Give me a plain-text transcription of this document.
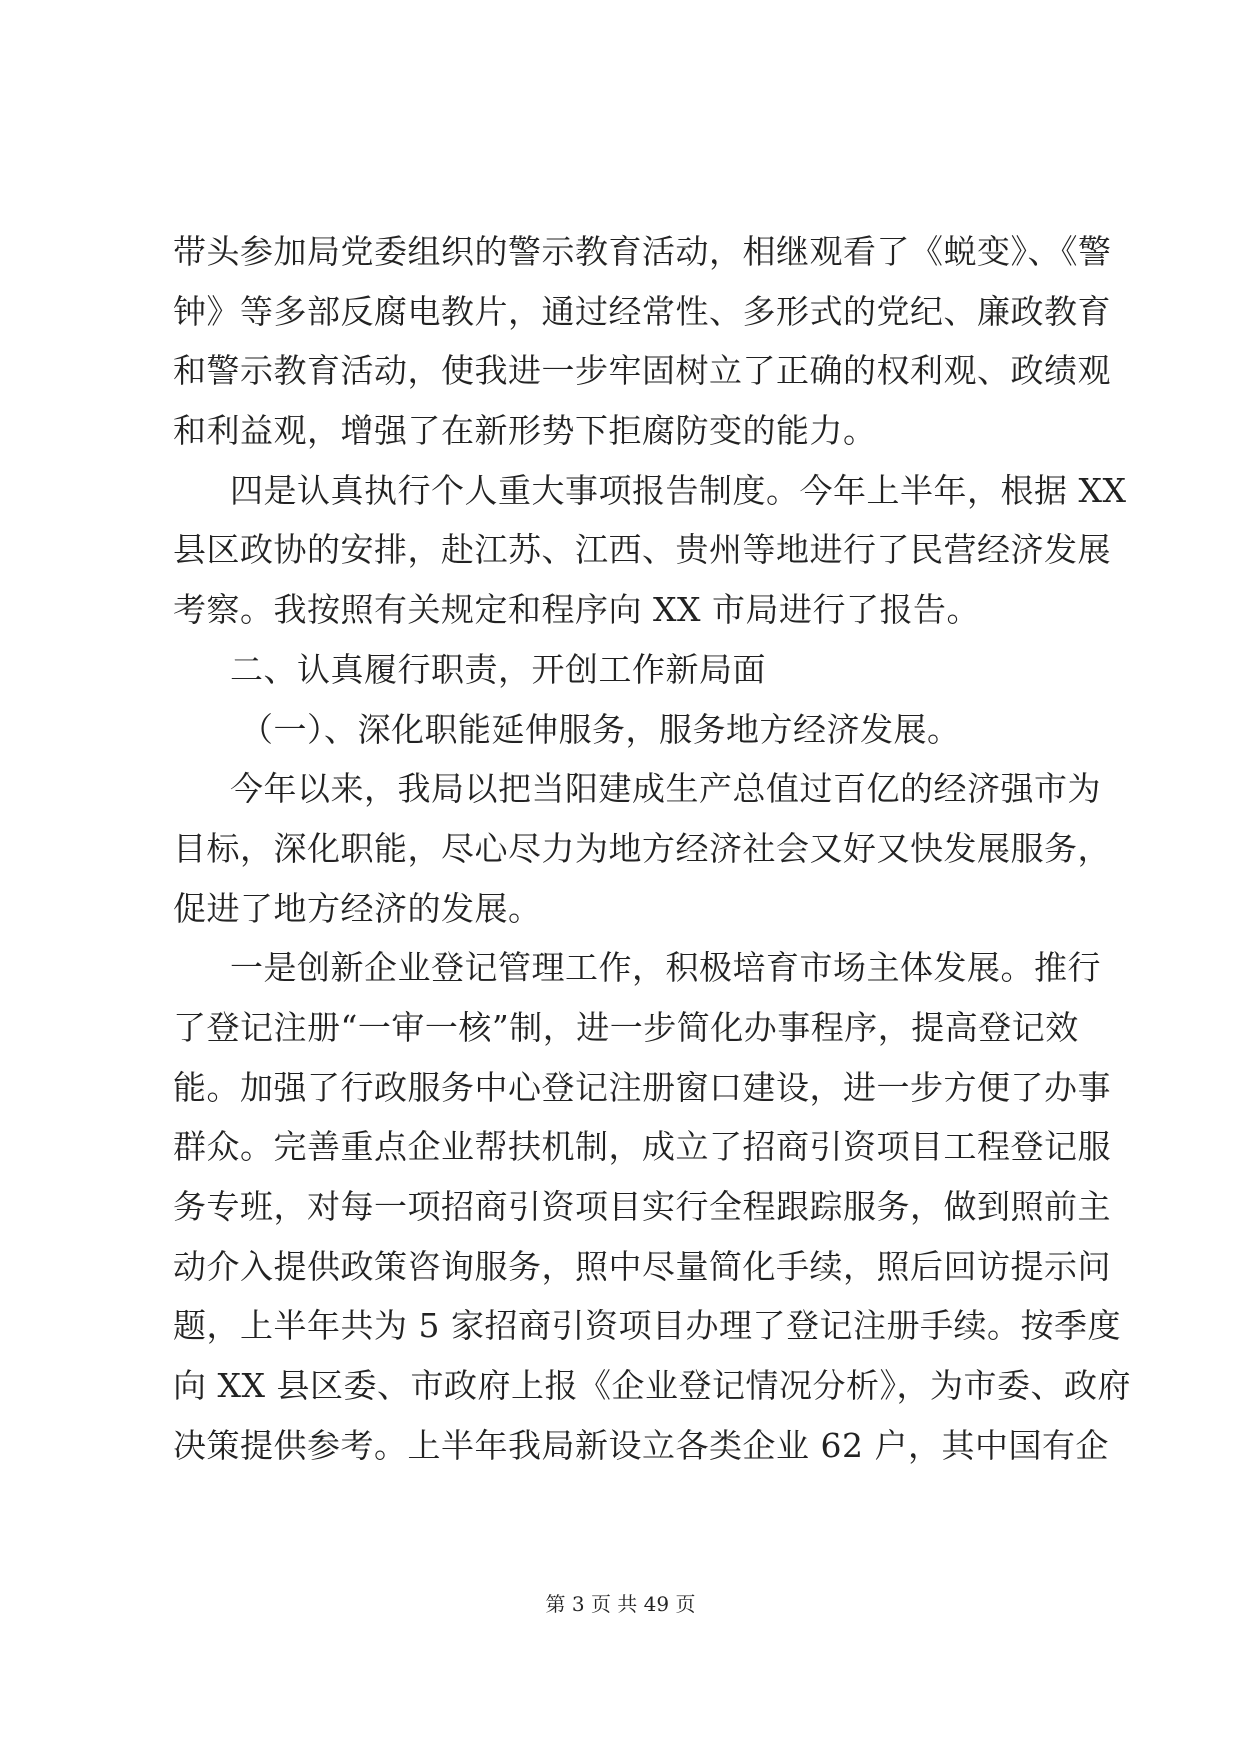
带头参加局党委组织的警示教育活动，相继观看了《蜕变》、《警
钟》等多部反腐电教片，通过经常性、多形式的党纪、廉政教育
和警示教育活动，使我进一步牢固树立了正确的权利观、政绩观
和利益观，增强了在新形势下拒腐防变的能力。
四是认真执行个人重大事项报告制度。今年上半年，根据 XX
县区政协的安排，赴江苏、江西、贵州等地进行了民营经济发展
考察。我按照有关规定和程序向 XX 市局进行了报告。
二、认真履行职责，开创工作新局面
（一）、深化职能延伸服务，服务地方经济发展。
今年以来，我局以把当阳建成生产总值过百亿的经济强市为
目标，深化职能，尽心尽力为地方经济社会又好又快发展服务，
促进了地方经济的发展。
一是创新企业登记管理工作，积极培育市场主体发展。推行
了登记注册“一审一核”制，进一步简化办事程序，提高登记效
能。加强了行政服务中心登记注册窗口建设，进一步方便了办事
群众。完善重点企业帮扶机制，成立了招商引资项目工程登记服
务专班，对每一项招商引资项目实行全程跟踪服务，做到照前主
动介入提供政策咨询服务，照中尽量简化手续，照后回访提示问
题，上半年共为 5 家招商引资项目办理了登记注册手续。按季度
向 XX 县区委、市政府上报《企业登记情况分析》，为市委、政府
决策提供参考。上半年我局新设立各类企业 62 户，其中国有企
第 3 页 共 49 页
